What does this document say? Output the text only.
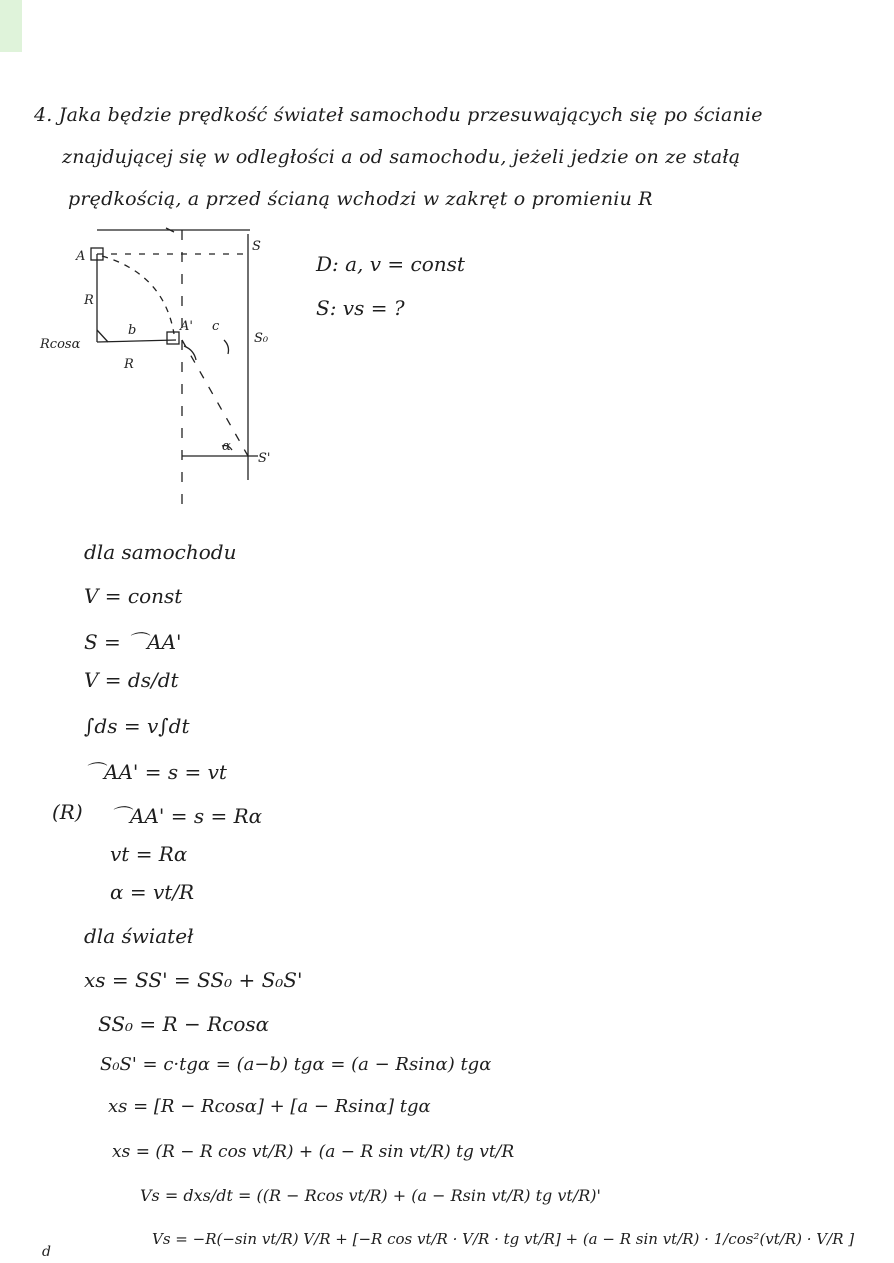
4. Jaka będzie prędkość świateł samochodu przesuwających się po ścianie
znajdującej się w odległości a od samochodu, jeżeli jedzie on ze stałą
prędkością, a przed ścianą wchodzi w zakręt o promieniu R
A
A'
S
S₀
S'
R
R
Rcosα
b	c
α
D: a, v = const
S: vs = ?
dla samochodu
V = const
S = ⌒AA'
V = ds/dt
∫ds = v∫dt
⌒AA' = s = vt
(R) ⌒AA' = s = Rα
vt = Rα
α = vt/R
dla świateł
xs = SS' = SS₀ + S₀S'
SS₀ = R − Rcosα
S₀S' = c·tgα = (a−b) tgα = (a − Rsinα) tgα
xs = [R − Rcosα] + [a − Rsinα] tgα
xs = (R − R cos vt/R) + (a − R sin vt/R) tg vt/R
Vs = dxs/dt = ((R − Rcos vt/R) + (a − Rsin vt/R) tg vt/R)'
Vs = −R(−sin vt/R) V/R + [−R cos vt/R · V/R · tg vt/R] + (a − R sin vt/R) · 1/cos²(vt/R) · V/R ]
d
